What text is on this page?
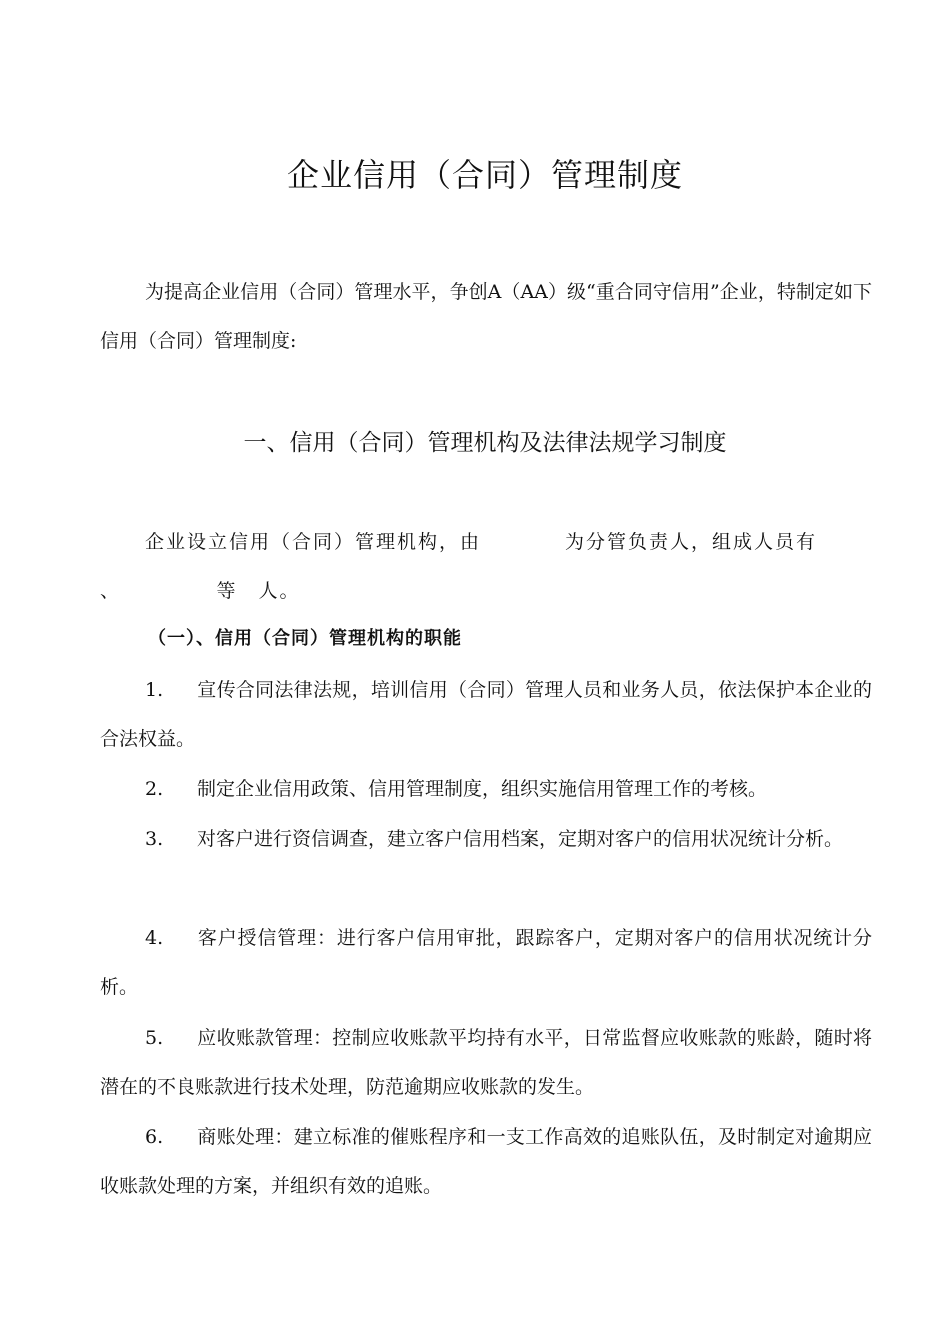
企业信用（合同）管理制度
为提高企业信用（合同）管理水平，争创A（AA）级“重合同守信用”企业，特制定如下信用（合同）管理制度:
一、信用（合同）管理机构及法律法规学习制度
企业设立信用（合同）管理机构，由　　　　为分管负责人，组成人员有
、　　　　　等　人。
（一）、信用（合同）管理机构的职能
1. 宣传合同法律法规，培训信用（合同）管理人员和业务人员，依法保护本企业的合法权益。
2. 制定企业信用政策、信用管理制度，组织实施信用管理工作的考核。
3. 对客户进行资信调查，建立客户信用档案，定期对客户的信用状况统计分析。
4. 客户授信管理：进行客户信用审批，跟踪客户，定期对客户的信用状况统计分析。
5. 应收账款管理：控制应收账款平均持有水平，日常监督应收账款的账龄，随时将潜在的不良账款进行技术处理，防范逾期应收账款的发生。
6. 商账处理：建立标准的催账程序和一支工作高效的追账队伍，及时制定对逾期应收账款处理的方案，并组织有效的追账。
